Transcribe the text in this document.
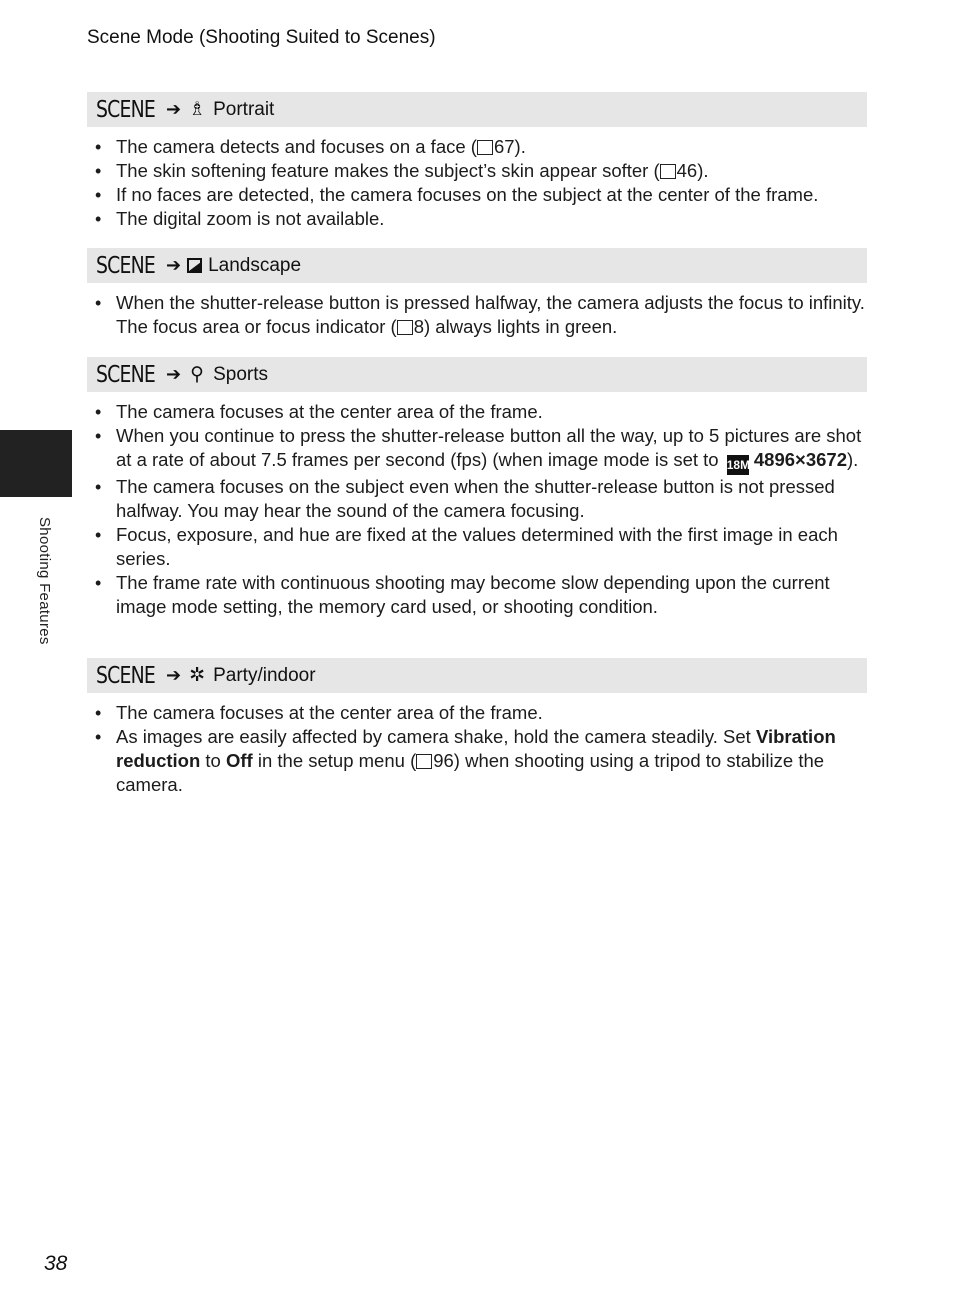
Scene Mode (Shooting Suited to Scenes)
Shooting Features
SCENE ➔ ♗ Portrait
• The camera detects and focuses on a face ( 67).
• The skin softening feature makes the subject’s skin appear softer ( 46).
• If no faces are detected, the camera focuses on the subject at the center of the frame.
• The digital zoom is not available.
SCENE ➔ Landscape
• When the shutter-release button is pressed halfway, the camera adjusts the focus to infinity. The focus area or focus indicator ( 8) always lights in green.
SCENE ➔ ⚲ Sports
• The camera focuses at the center area of the frame.
• When you continue to press the shutter-release button all the way, up to 5 pictures are shot at a rate of about 7.5 frames per second (fps) (when image mode is set to 18M 4896×3672).
• The camera focuses on the subject even when the shutter-release button is not pressed halfway. You may hear the sound of the camera focusing.
• Focus, exposure, and hue are fixed at the values determined with the first image in each series.
• The frame rate with continuous shooting may become slow depending upon the current image mode setting, the memory card used, or shooting condition.
SCENE ➔ ✲ Party/indoor
• The camera focuses at the center area of the frame.
• As images are easily affected by camera shake, hold the camera steadily. Set Vibration reduction to Off in the setup menu ( 96) when shooting using a tripod to stabilize the camera.
38
